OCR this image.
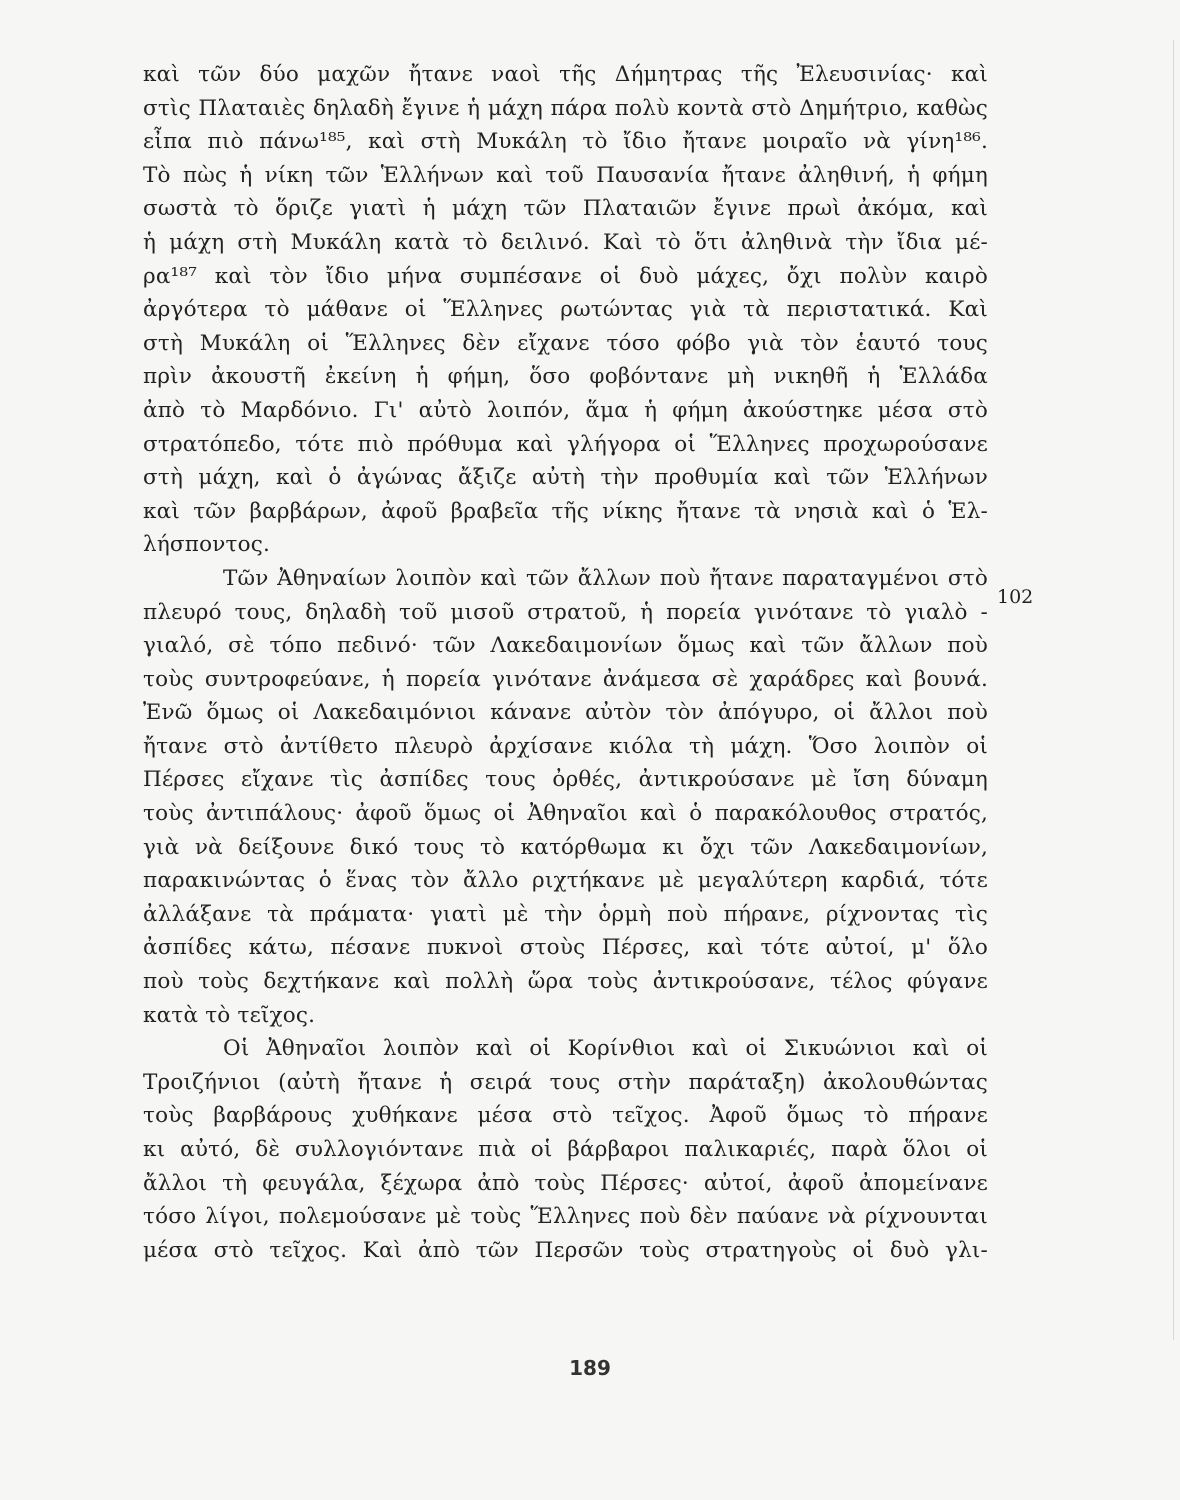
καὶ τῶν δύο μαχῶν ἤτανε ναοὶ τῆς Δήμητρας τῆς Ἐλευσινίας· καὶ
στὶς Πλαταιὲς δηλαδὴ ἔγινε ἡ μάχη πάρα πολὺ κοντὰ στὸ Δημήτριο, καθὼς
εἶπα πιὸ πάνω¹⁸⁵, καὶ στὴ Μυκάλη τὸ ἴδιο ἤτανε μοιραῖο νὰ γίνη¹⁸⁶.
Τὸ πὼς ἡ νίκη τῶν Ἑλλήνων καὶ τοῦ Παυσανία ἤτανε ἀληθινή, ἡ φήμη
σωστὰ τὸ ὅριζε γιατὶ ἡ μάχη τῶν Πλαταιῶν ἔγινε πρωὶ ἀκόμα, καὶ
ἡ μάχη στὴ Μυκάλη κατὰ τὸ δειλινό. Καὶ τὸ ὅτι ἀληθινὰ τὴν ἴδια μέ-
ρα¹⁸⁷ καὶ τὸν ἴδιο μήνα συμπέσανε οἱ δυὸ μάχες, ὄχι πολὺν καιρὸ
ἀργότερα τὸ μάθανε οἱ Ἕλληνες ρωτώντας γιὰ τὰ περιστατικά. Καὶ
στὴ Μυκάλη οἱ Ἕλληνες δὲν εἴχανε τόσο φόβο γιὰ τὸν ἑαυτό τους
πρὶν ἀκουστῆ ἐκείνη ἡ φήμη, ὅσο φοβόντανε μὴ νικηθῆ ἡ Ἑλλάδα
ἀπὸ τὸ Μαρδόνιο. Γι' αὐτὸ λοιπόν, ἅμα ἡ φήμη ἀκούστηκε μέσα στὸ
στρατόπεδο, τότε πιὸ πρόθυμα καὶ γλήγορα οἱ Ἕλληνες προχωρούσανε
στὴ μάχη, καὶ ὁ ἀγώνας ἄξιζε αὐτὴ τὴν προθυμία καὶ τῶν Ἑλλήνων
καὶ τῶν βαρβάρων, ἀφοῦ βραβεῖα τῆς νίκης ἤτανε τὰ νησιὰ καὶ ὁ Ἑλ-
λήσποντος.
Τῶν Ἀθηναίων λοιπὸν καὶ τῶν ἄλλων ποὺ ἤτανε παραταγμένοι στὸ
πλευρό τους, δηλαδὴ τοῦ μισοῦ στρατοῦ, ἡ πορεία γινότανε τὸ γιαλὸ -
γιαλό, σὲ τόπο πεδινό· τῶν Λακεδαιμονίων ὅμως καὶ τῶν ἄλλων ποὺ
τοὺς συντροφεύανε, ἡ πορεία γινότανε ἀνάμεσα σὲ χαράδρες καὶ βουνά.
Ἐνῶ ὅμως οἱ Λακεδαιμόνιοι κάνανε αὐτὸν τὸν ἀπόγυρο, οἱ ἄλλοι ποὺ
ἤτανε στὸ ἀντίθετο πλευρὸ ἀρχίσανε κιόλα τὴ μάχη. Ὅσο λοιπὸν οἱ
Πέρσες εἴχανε τὶς ἀσπίδες τους ὀρθές, ἀντικρούσανε μὲ ἴση δύναμη
τοὺς ἀντιπάλους· ἀφοῦ ὅμως οἱ Ἀθηναῖοι καὶ ὁ παρακόλουθος στρατός,
γιὰ νὰ δείξουνε δικό τους τὸ κατόρθωμα κι ὄχι τῶν Λακεδαιμονίων,
παρακινώντας ὁ ἕνας τὸν ἄλλο ριχτήκανε μὲ μεγαλύτερη καρδιά, τότε
ἀλλάξανε τὰ πράματα· γιατὶ μὲ τὴν ὁρμὴ ποὺ πήρανε, ρίχνοντας τὶς
ἀσπίδες κάτω, πέσανε πυκνοὶ στοὺς Πέρσες, καὶ τότε αὐτοί, μ' ὅλο
ποὺ τοὺς δεχτήκανε καὶ πολλὴ ὥρα τοὺς ἀντικρούσανε, τέλος φύγανε
κατὰ τὸ τεῖχος.
Οἱ Ἀθηναῖοι λοιπὸν καὶ οἱ Κορίνθιοι καὶ οἱ Σικυώνιοι καὶ οἱ
Τροιζήνιοι (αὐτὴ ἤτανε ἡ σειρά τους στὴν παράταξη) ἀκολουθώντας
τοὺς βαρβάρους χυθήκανε μέσα στὸ τεῖχος. Ἀφοῦ ὅμως τὸ πήρανε
κι αὐτό, δὲ συλλογιόντανε πιὰ οἱ βάρβαροι παλικαριές, παρὰ ὅλοι οἱ
ἄλλοι τὴ φευγάλα, ξέχωρα ἀπὸ τοὺς Πέρσες· αὐτοί, ἀφοῦ ἀπομείνανε
τόσο λίγοι, πολεμούσανε μὲ τοὺς Ἕλληνες ποὺ δὲν παύανε νὰ ρίχνουνται
μέσα στὸ τεῖχος. Καὶ ἀπὸ τῶν Περσῶν τοὺς στρατηγοὺς οἱ δυὸ γλι-
102
189
